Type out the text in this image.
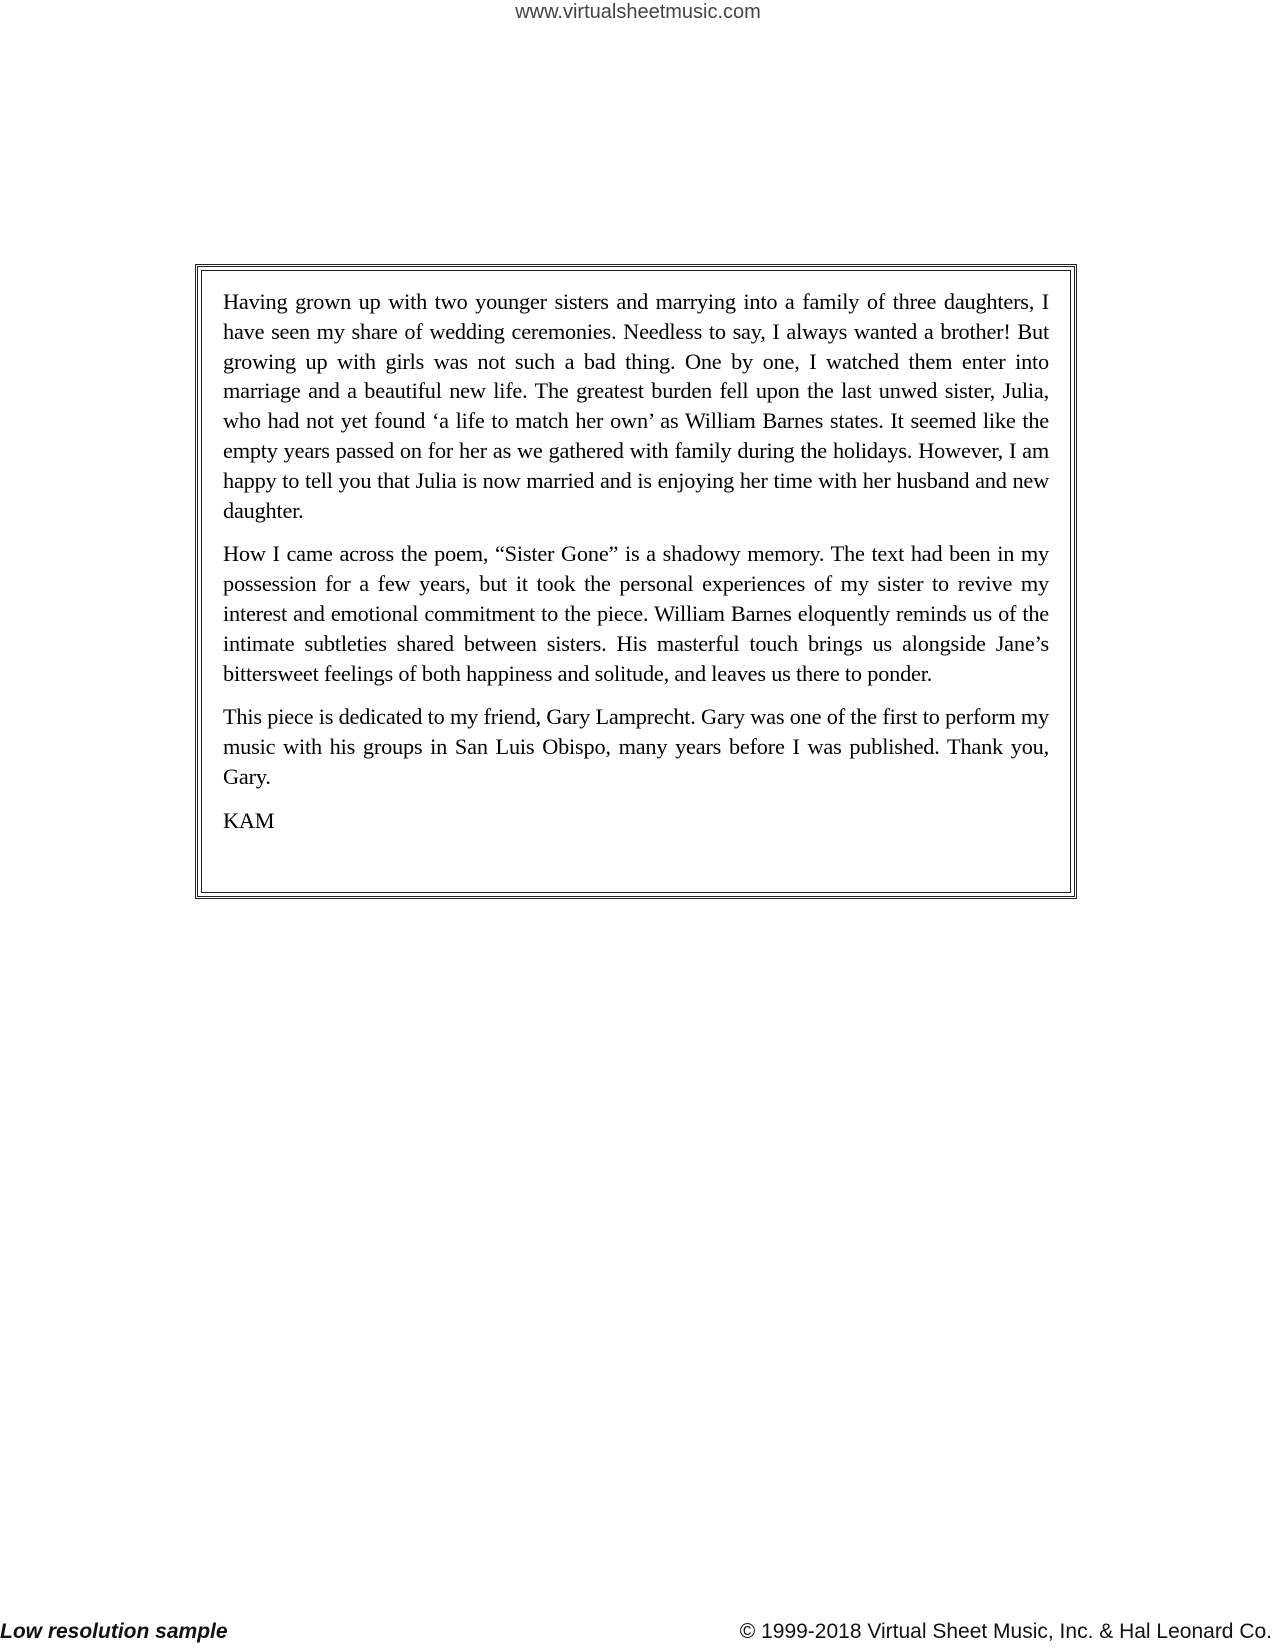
www.virtualsheetmusic.com

Having grown up with two younger sisters and marrying into a family of three daughters, I have seen my share of wedding ceremonies. Needless to say, I always wanted a brother! But growing up with girls was not such a bad thing. One by one, I watched them enter into marriage and a beautiful new life. The greatest burden fell upon the last unwed sister, Julia, who had not yet found ‘a life to match her own’ as William Barnes states. It seemed like the empty years passed on for her as we gathered with family during the holidays. However, I am happy to tell you that Julia is now married and is enjoying her time with her husband and new daughter.

How I came across the poem, “Sister Gone” is a shadowy memory. The text had been in my possession for a few years, but it took the personal experiences of my sister to revive my interest and emotional commitment to the piece. William Barnes eloquently reminds us of the intimate subtleties shared between sisters. His masterful touch brings us alongside Jane’s bittersweet feelings of both happiness and solitude, and leaves us there to ponder.

This piece is dedicated to my friend, Gary Lamprecht. Gary was one of the first to perform my music with his groups in San Luis Obispo, many years before I was published. Thank you, Gary.

KAM

Low resolution sample	© 1999-2018 Virtual Sheet Music, Inc. & Hal Leonard Co.
